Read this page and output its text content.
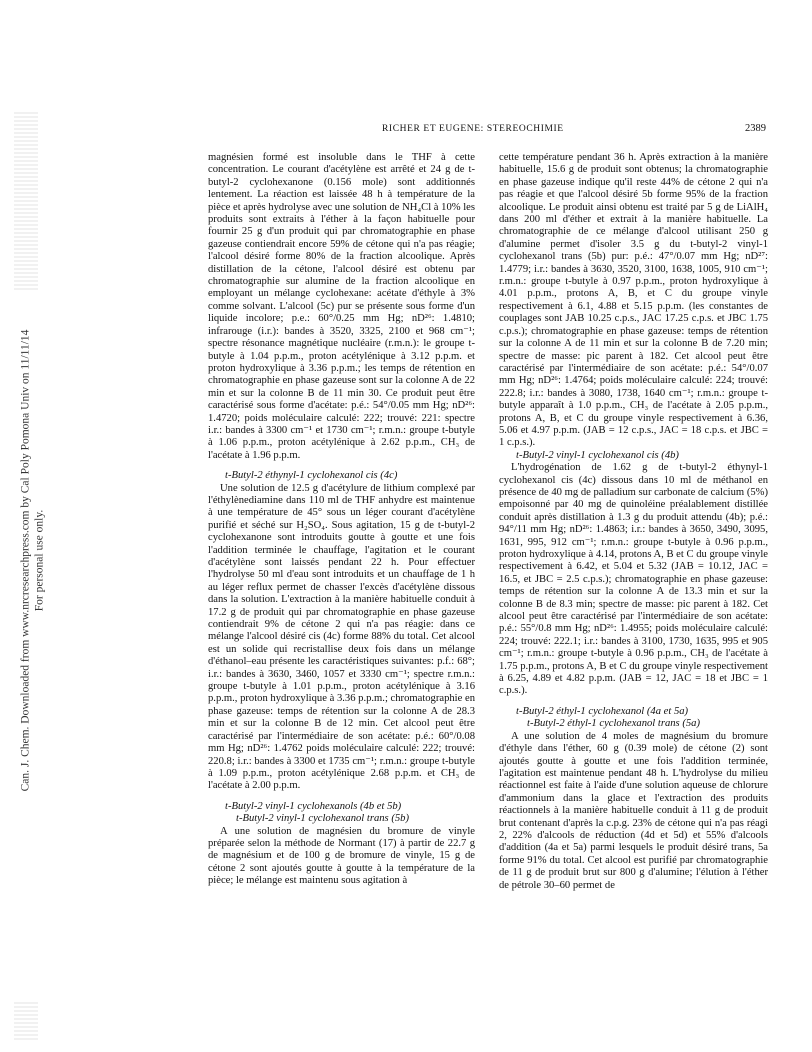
Can. J. Chem. Downloaded from www.nrcresearchpress.com by Cal Poly Pomona Univ on 11/11/14 For personal use only.
RICHER ET EUGENE: STEREOCHIMIE	2389

magnésien formé est insoluble dans le THF à cette concentration. Le courant d'acétylène est arrêté et 24 g de t-butyl-2 cyclohexanone (0.156 mole) sont additionnés lentement. La réaction est laissée 48 h à température de la pièce et après hydrolyse avec une solution de NH₄Cl à 10% les produits sont extraits à l'éther à la façon habituelle pour fournir 25 g d'un produit qui par chromatographie en phase gazeuse contiendrait encore 59% de cétone qui n'a pas réagie; l'alcool désiré forme 80% de la fraction alcoolique. Après distillation de la cétone, l'alcool désiré est obtenu par chromatographie sur alumine de la fraction alcoolique en employant un mélange cyclohexane: acétate d'éthyle à 3% comme solvant. L'alcool (5c) pur se présente sous forme d'un liquide incolore; p.e.: 60°/0.25 mm Hg; nD²⁶: 1.4810; infrarouge (i.r.): bandes à 3520, 3325, 2100 et 968 cm⁻¹; spectre résonance magnétique nucléaire (r.m.n.): le groupe t-butyle à 1.04 p.p.m., proton acétylénique à 3.12 p.p.m. et proton hydroxylique à 3.36 p.p.m.; les temps de rétention en chromatographie en phase gazeuse sont sur la colonne A de 22 min et sur la colonne B de 11 min 30. Ce produit peut être caractérisé sous forme d'acétate: p.é.: 54°/0.05 mm Hg; nD²⁶: 1.4720; poids moléculaire calculé: 222; trouvé: 221: spectre i.r.: bandes à 3300 cm⁻¹ et 1730 cm⁻¹; r.m.n.: groupe t-butyle à 1.06 p.p.m., proton acétylénique à 2.62 p.p.m., CH₃ de l'acétate à 1.96 p.p.m.

t-Butyl-2 éthynyl-1 cyclohexanol cis (4c)

Une solution de 12.5 g d'acétylure de lithium complexé par l'éthylènediamine dans 110 ml de THF anhydre est maintenue à une température de 45° sous un léger courant d'acétylène purifié et séché sur H₂SO₄. Sous agitation, 15 g de t-butyl-2 cyclohexanone sont introduits goutte à goutte et une fois l'addition terminée le chauffage, l'agitation et le courant d'acétylène sont laissés pendant 22 h. Pour effectuer l'hydrolyse 50 ml d'eau sont introduits et un chauffage de 1 h au léger reflux permet de chasser l'excès d'acétylène dissous dans la solution. L'extraction à la manière habituelle conduit à 17.2 g de produit qui par chromatographie en phase gazeuse contiendrait 9% de cétone 2 qui n'a pas réagie: dans ce mélange l'alcool désiré cis (4c) forme 88% du total. Cet alcool est un solide qui recristallise deux fois dans un mélange d'éthanol–eau présente les caractéristiques suivantes: p.f.: 68°; i.r.: bandes à 3630, 3460, 1057 et 3330 cm⁻¹; spectre r.m.n.: groupe t-butyle à 1.01 p.p.m., proton acétylénique à 3.16 p.p.m., proton hydroxylique à 3.36 p.p.m.; chromatographie en phase gazeuse: temps de rétention sur la colonne A de 28.3 min et sur la colonne B de 12 min. Cet alcool peut être caractérisé par l'intermédiaire de son acétate: p.é.: 60°/0.08 mm Hg; nD²⁶: 1.4762 poids moléculaire calculé: 222; trouvé: 220.8; i.r.: bandes à 3300 et 1735 cm⁻¹; r.m.n.: groupe t-butyle à 1.09 p.p.m., proton acétylénique 2.68 p.p.m. et CH₃ de l'acétate à 2.00 p.p.m.

t-Butyl-2 vinyl-1 cyclohexanols (4b et 5b)

t-Butyl-2 vinyl-1 cyclohexanol trans (5b)

A une solution de magnésien du bromure de vinyle préparée selon la méthode de Normant (17) à partir de 22.7 g de magnésium et de 100 g de bromure de vinyle, 15 g de cétone 2 sont ajoutés goutte à goutte à la température de la pièce; le mélange est maintenu sous agitation à

cette température pendant 36 h. Après extraction à la manière habituelle, 15.6 g de produit sont obtenus; la chromatographie en phase gazeuse indique qu'il reste 44% de cétone 2 qui n'a pas réagie et que l'alcool désiré 5b forme 95% de la fraction alcoolique. Le produit ainsi obtenu est traité par 5 g de LiAlH₄ dans 200 ml d'éther et extrait à la manière habituelle. La chromatographie de ce mélange d'alcool utilisant 250 g d'alumine permet d'isoler 3.5 g du t-butyl-2 vinyl-1 cyclohexanol trans (5b) pur: p.é.: 47°/0.07 mm Hg; nD²⁷: 1.4779; i.r.: bandes à 3630, 3520, 3100, 1638, 1005, 910 cm⁻¹; r.m.n.: groupe t-butyle à 0.97 p.p.m., proton hydroxylique à 4.01 p.p.m., protons A, B, et C du groupe vinyle respectivement à 6.1, 4.88 et 5.15 p.p.m. (les constantes de couplages sont JAB 10.25 c.p.s., JAC 17.25 c.p.s. et JBC 1.75 c.p.s.); chromatographie en phase gazeuse: temps de rétention sur la colonne A de 11 min et sur la colonne B de 7.20 min; spectre de masse: pic parent à 182. Cet alcool peut être caractérisé par l'intermédiaire de son acétate: p.é.: 54°/0.07 mm Hg; nD²⁶: 1.4764; poids moléculaire calculé: 224; trouvé: 222.8; i.r.: bandes à 3080, 1738, 1640 cm⁻¹; r.m.n.: groupe t-butyle apparaît à 1.0 p.p.m., CH₃ de l'acétate à 2.05 p.p.m., protons A, B, et C du groupe vinyle respectivement à 6.36, 5.06 et 4.97 p.p.m. (JAB = 12 c.p.s., JAC = 18 c.p.s. et JBC = 1 c.p.s.).

t-Butyl-2 vinyl-1 cyclohexanol cis (4b)

L'hydrogénation de 1.62 g de t-butyl-2 éthynyl-1 cyclohexanol cis (4c) dissous dans 10 ml de méthanol en présence de 40 mg de palladium sur carbonate de calcium (5%) empoisonné par 40 mg de quinoléine préalablement distillée conduit après distillation à 1.3 g du produit attendu (4b); p.é.: 94°/11 mm Hg; nD²⁶: 1.4863; i.r.: bandes à 3650, 3490, 3095, 1631, 995, 912 cm⁻¹; r.m.n.: groupe t-butyle à 0.96 p.p.m., proton hydroxylique à 4.14, protons A, B et C du groupe vinyle respectivement à 6.42, et 5.04 et 5.32 (JAB = 10.12, JAC = 16.5, et JBC = 2.5 c.p.s.); chromatographie en phase gazeuse: temps de rétention sur la colonne A de 13.3 min et sur la colonne B de 8.3 min; spectre de masse: pic parent à 182. Cet alcool peut être caractérisé par l'intermédiaire de son acétate: p.é.: 55°/0.8 mm Hg; nD²⁶: 1.4955; poids moléculaire calculé: 224; trouvé: 222.1; i.r.: bandes à 3100, 1730, 1635, 995 et 905 cm⁻¹; r.m.n.: groupe t-butyle à 0.96 p.p.m., CH₃ de l'acétate à 1.75 p.p.m., protons A, B et C du groupe vinyle respectivement à 6.25, 4.89 et 4.82 p.p.m. (JAB = 12, JAC = 18 et JBC = 1 c.p.s.).

t-Butyl-2 éthyl-1 cyclohexanol (4a et 5a)

t-Butyl-2 éthyl-1 cyclohexanol trans (5a)

A une solution de 4 moles de magnésium du bromure d'éthyle dans l'éther, 60 g (0.39 mole) de cétone (2) sont ajoutés goutte à goutte et une fois l'addition terminée, l'agitation est maintenue pendant 48 h. L'hydrolyse du milieu réactionnel est faite à l'aide d'une solution aqueuse de chlorure d'ammonium dans la glace et l'extraction des produits réactionnels à la manière habituelle conduit à 11 g de produit brut contenant d'après la c.p.g. 23% de cétone qui n'a pas réagi 2, 22% d'alcools de réduction (4d et 5d) et 55% d'alcools d'addition (4a et 5a) parmi lesquels le produit désiré trans, 5a forme 91% du total. Cet alcool est purifié par chromatographie de 11 g de produit brut sur 800 g d'alumine; l'élution à l'éther de pétrole 30–60 permet de
